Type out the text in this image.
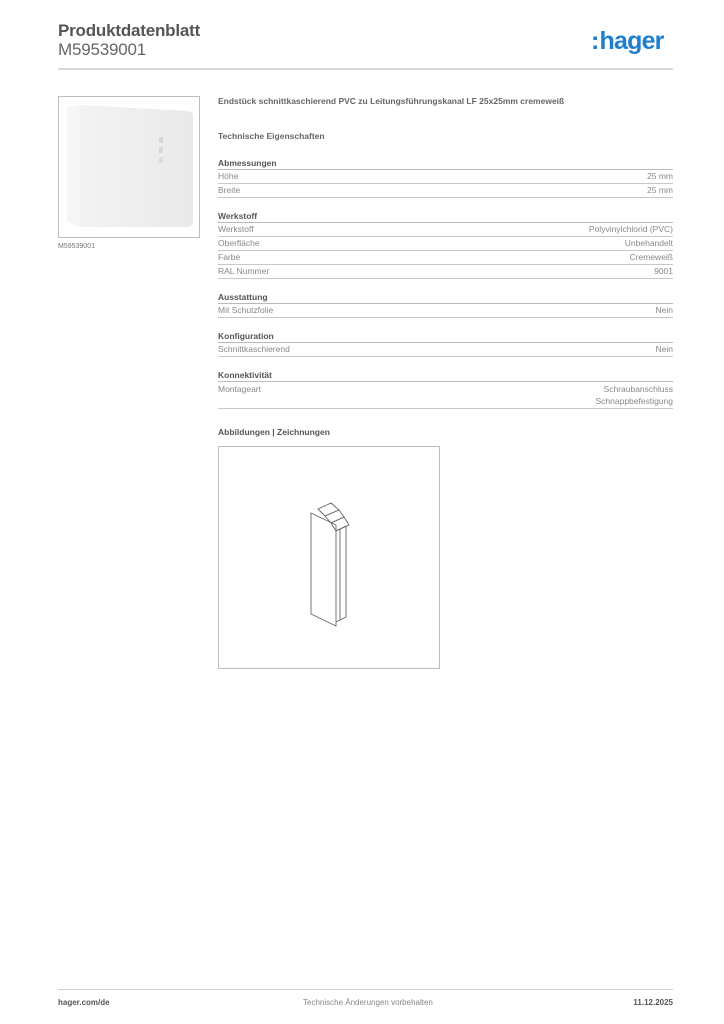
Produktdatenblatt
M59539001	:hager
M59539001
Endstück schnittkaschierend PVC zu Leitungsführungskanal LF 25x25mm cremeweiß
Technische Eigenschaften
Abmessungen
Höhe	25 mm
Breite	25 mm
Werkstoff
Werkstoff	Polyvinylchlorid (PVC)
Oberfläche	Unbehandelt
Farbe	Cremeweiß
RAL Nummer	9001
Ausstattung
Mit Schutzfolie	Nein
Konfiguration
Schnittkaschierend	Nein
Konnektivität
Montageart	Schraubanschluss
Schnappbefestigung
Abbildungen | Zeichnungen
hager.com/de	Technische Änderungen vorbehalten	11.12.2025
